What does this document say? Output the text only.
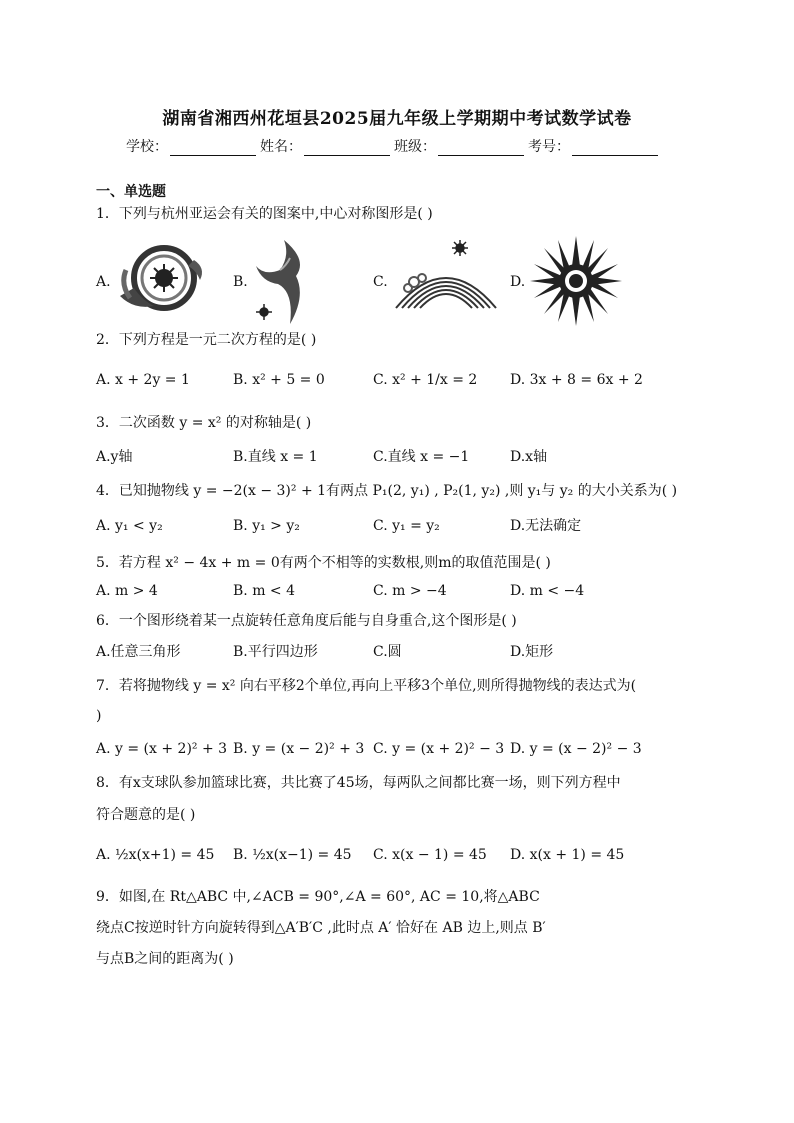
湖南省湘西州花垣县2025届九年级上学期期中考试数学试卷
学校：	姓名：	班级：	考号：
一、单选题
1．下列与杭州亚运会有关的图案中,中心对称图形是( )
A.	B.	C.	D.
2．下列方程是一元二次方程的是( )
A. x + 2y = 1	B. x² + 5 = 0	C. x² + 1/x = 2 D. 3x + 8 = 6x + 2
3．二次函数 y = x² 的对称轴是( )
A.y轴	B.直线 x = 1	C.直线 x = −1	D.x轴
4．已知抛物线 y = −2(x − 3)² + 1有两点 P₁(2, y₁) , P₂(1, y₂) ,则 y₁与 y₂ 的大小关系为( )
A. y₁ < y₂	B. y₁ > y₂	C. y₁ = y₂	D.无法确定
5．若方程 x² − 4x + m = 0有两个不相等的实数根,则m的取值范围是( )
A. m > 4	B. m < 4	C. m > −4	D. m < −4
6．一个图形绕着某一点旋转任意角度后能与自身重合,这个图形是( )
A.任意三角形	B.平行四边形	C.圆	D.矩形
7．若将抛物线 y = x² 向右平移2个单位,再向上平移3个单位,则所得抛物线的表达式为(
)
A. y = (x + 2)² + 3 B. y = (x − 2)² + 3 C. y = (x + 2)² − 3 D. y = (x − 2)² − 3
8．有x支球队参加篮球比赛，共比赛了45场，每两队之间都比赛一场，则下列方程中
符合题意的是( )
A. ½x(x+1) = 45 B. ½x(x−1) = 45 C. x(x − 1) = 45 D. x(x + 1) = 45
9．如图,在 Rt△ABC 中,∠ACB = 90°,∠A = 60°, AC = 10,将△ABC
绕点C按逆时针方向旋转得到△A′B′C ,此时点 A′ 恰好在 AB 边上,则点 B′
与点B之间的距离为( )
